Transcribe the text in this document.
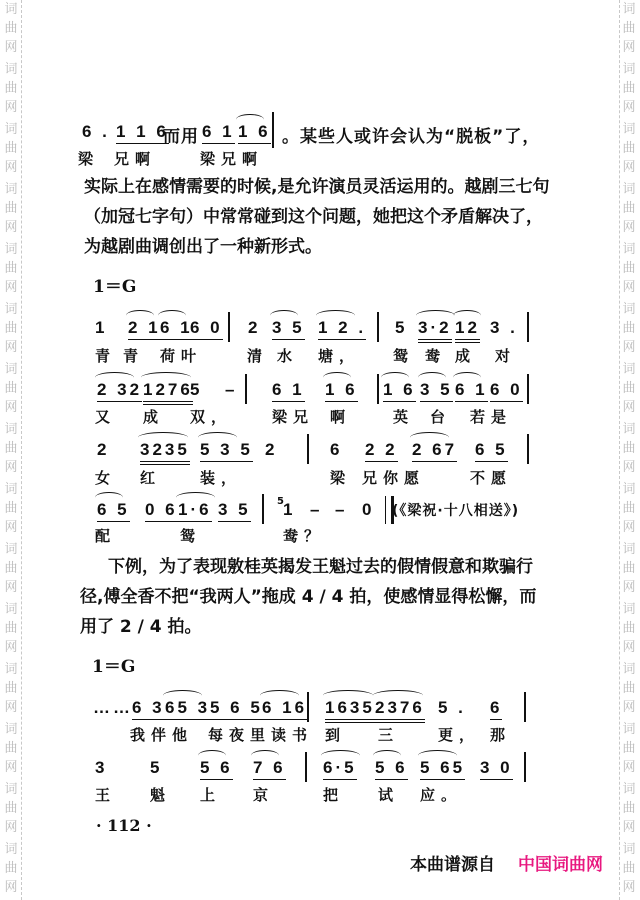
词
曲
网
词
曲
网
词
曲
网
词
曲
网
词
曲
网
词
曲
网
词
曲
网
词
曲
网
词
曲
网
词
曲
网
词
曲
网
词
曲
网
词
曲
网
词
曲
网
词
曲
网
词
曲
网
词
曲
网
词
曲
网
词
曲
网
词
曲
网
词
曲
网
词
曲
网
词
曲
网
词
曲
网
词
曲
网
词
曲
网
词
曲
网
词
曲
网
词
曲
网
词
曲
网
6 . 1 1 6
而用 6 1 1 6 。某些人或许会认为“脱板”了，
梁 兄啊	梁兄啊
实际上在感情需要的时候,是允许演员灵活运用的。越剧三七句
（加冠七字句）中常常碰到这个问题，她把这个矛盾解决了，
为越剧曲调创出了一种新形式。
1＝G
1 2 1 6 1
6 0 2 3 5 1 2 . 5 3·2 12 3 .
青 青 荷叶	清 水 塘， 鸳 鸯 成 对
2 32 1276
5 – 6 1 1 6 1 6 3 5 6 1 6 0
又 成 双，	梁兄 啊	英 台 若是
2 3235 5 3 5 2	6 2 2 2 67 6 5
女 红	装，	梁 兄你愿	不愿
6 5 0 6 1·6 3 5 1 – – 0
配	鸳	鸯？
5
(《梁祝·十八相送》)
下例，为了表现敫桂英揭发王魁过去的假情假意和欺骗行
径,傅全香不把“我两人”拖成 4 / 4 拍，使感情显得松懈，而
用了 2 / 4 拍。
1＝G
…… 6 3 65 3 5 6 5 6 16 1635 2376 5 . 6
我伴他 每夜里读书 到 三	更， 那
3	5 5 6 7 6 6·5 5 6 5 65 3 0
王 魁 上 京	把 试 应。
· 112 ·
本曲谱源自 中国词曲网
